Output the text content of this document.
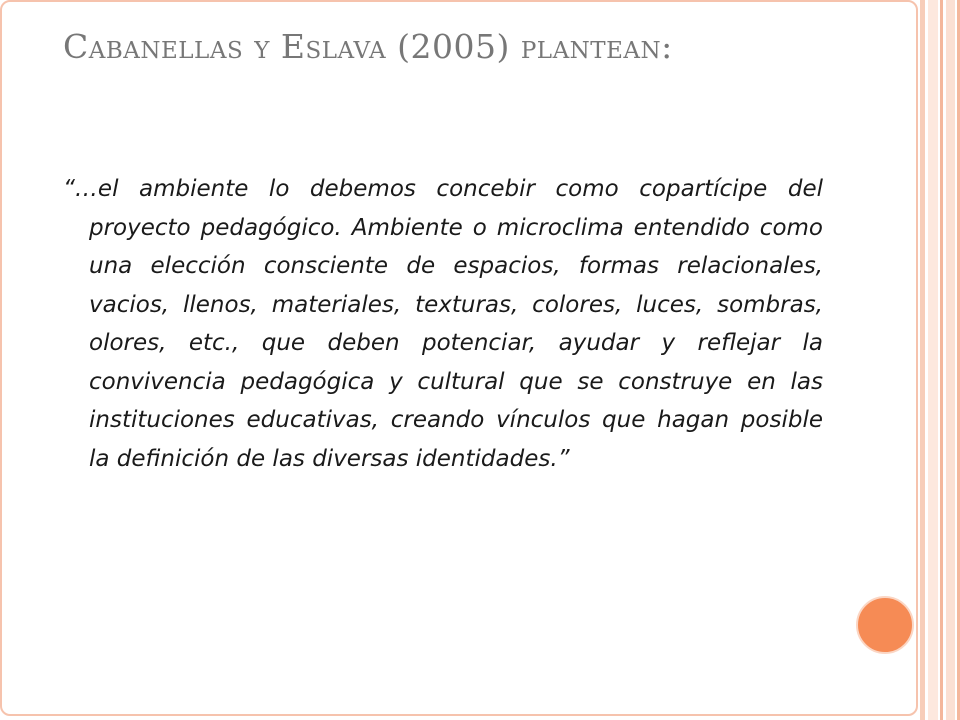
Cabanellas y Eslava (2005) plantean:

“…el ambiente lo debemos concebir como copartícipe del proyecto pedagógico. Ambiente o microclima entendido como una elección consciente de espacios, formas relacionales, vacios, llenos, materiales, texturas, colores, luces, sombras, olores, etc., que deben potenciar, ayudar y reflejar la convivencia pedagógica y cultural que se construye en las instituciones educativas, creando vínculos que hagan posible la definición de las diversas identidades.”
